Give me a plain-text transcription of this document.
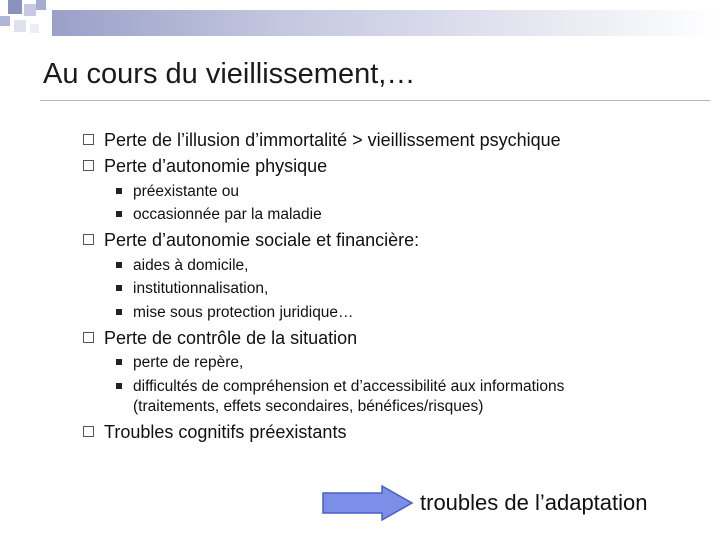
Au cours du vieillissement,…
Perte de l’illusion d’immortalité > vieillissement psychique
Perte d’autonomie physique
préexistante ou
occasionnée par la maladie
Perte d’autonomie sociale et financière:
aides à domicile,
institutionnalisation,
mise sous protection juridique…
Perte de contrôle de la situation
perte de repère,
difficultés de compréhension et d’accessibilité aux informations
(traitements, effets secondaires, bénéfices/risques)
Troubles cognitifs préexistants
troubles de l’adaptation
